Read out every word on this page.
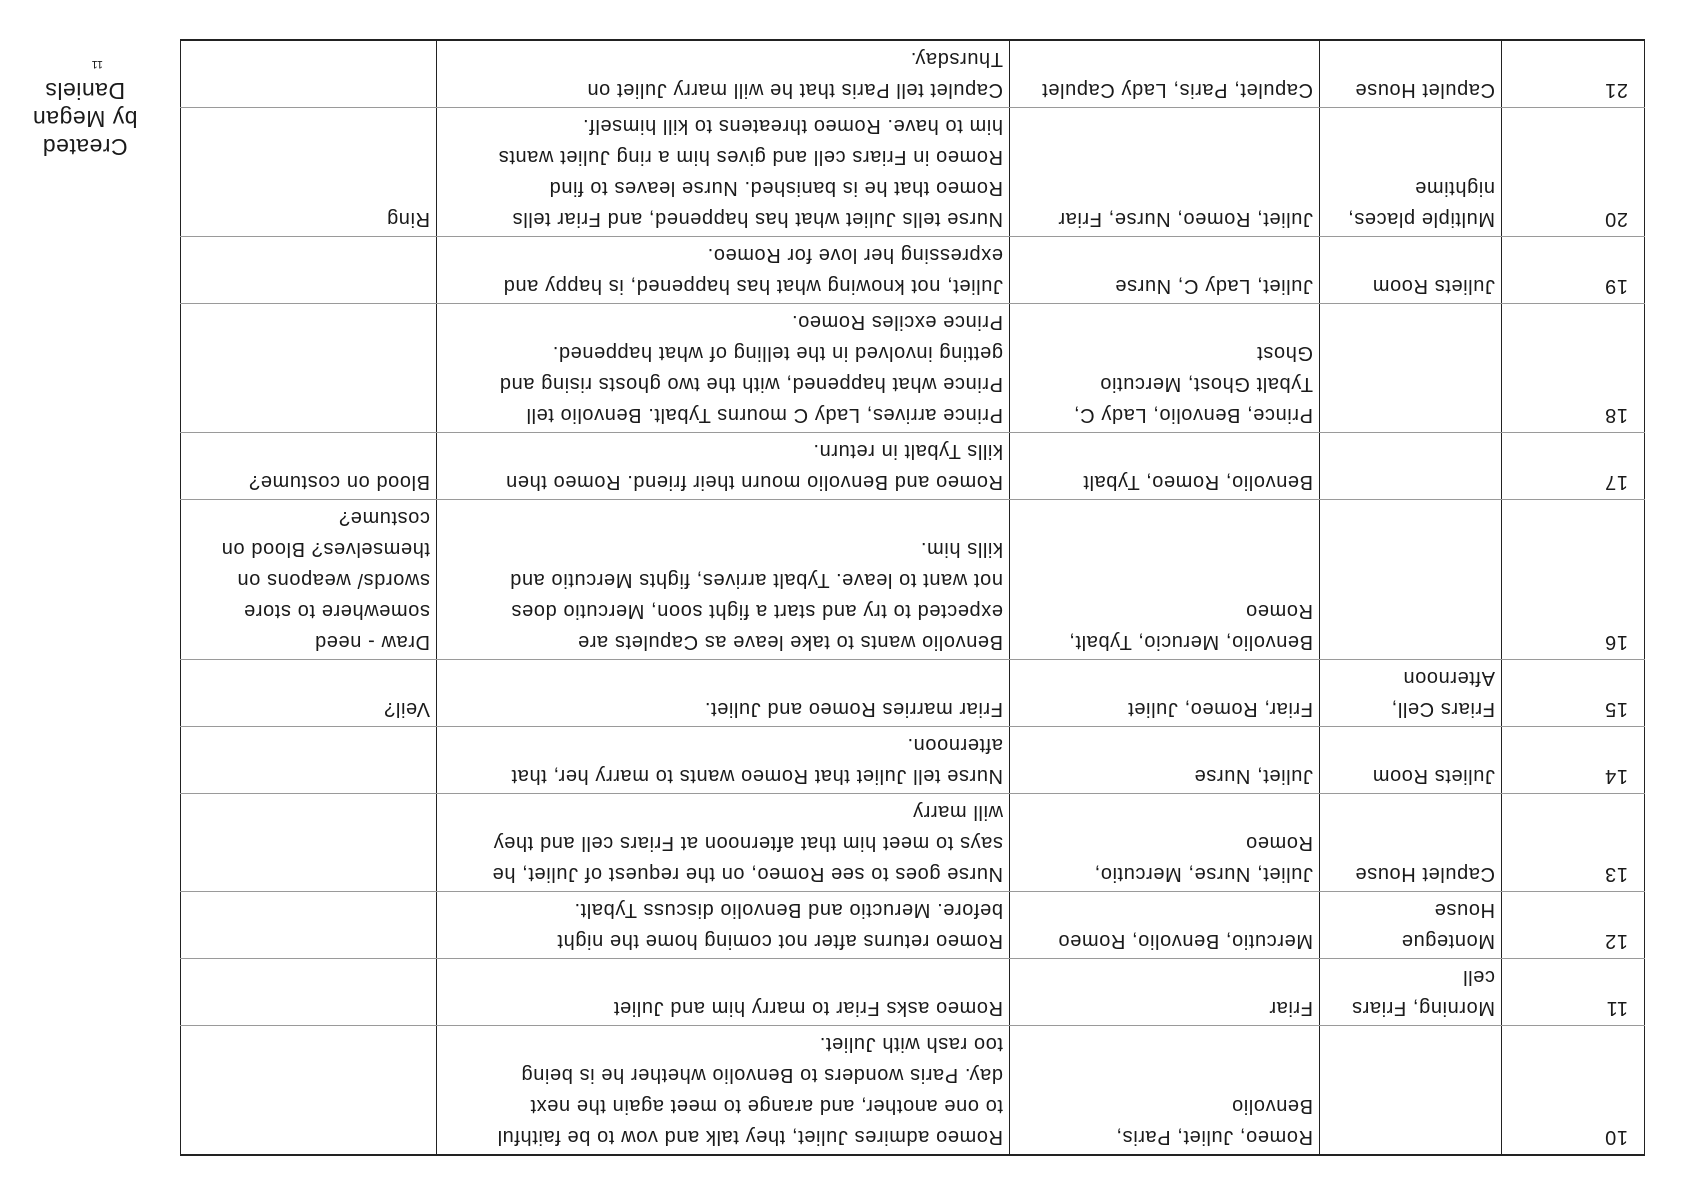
Created
by Megan
Daniels
11
10		Romeo, Juliet, Paris,
Benvolio	Romeo admires Juliet, they talk and vow to be faithful
to one another, and arange to meet again the next
day. Paris wonders to Benvolio whether he is being
too rash with Juliet.	
11	Morning, Friars
cell	Friar	Romeo asks Friar to marry him and Juliet	
12	Montegue
House	Mercutio, Benvolio, Romeo	Romeo returns after not coming home the night
before. Meructio and Benvolio discuss Tybalt.	
13	Capulet House	Juliet, Nurse, Mercutio,
Romeo	Nurse goes to see Romeo, on the request of Juliet, he
says to meet him that afternoon at Friars cell and they
will marry	
14	Juliets Room	Juliet, Nurse	Nurse tell Juliet that Romeo wants to marry her, that
afternoon.	
15	Friars Cell,
Afternoon	Friar, Romeo, Juliet	Friar marries Romeo and Juliet.	Veil?
16		Benvolio, Merucio, Tybalt,
Romeo	Benvolio wants to take leave as Capulets are
expected to try and start a fight soon, Mercutio does
not want to leave. Tybalt arrives, fights Mercutio and
kills him.	Draw - need
somewhere to store
swords/ weapons on
themselves? Blood on
costume?
17		Benvolio, Romeo, Tybalt	Romeo and Benvolio mourn their friend. Romeo then
kills Tybalt in return.	Blood on costume?
18		Prince, Benvolio, Lady C,
Tybalt Ghost, Mercutio
Ghost	Prince arrives, Lady C mourns Tybalt. Benvolio tell
Prince what happened, with the two ghosts rising and
getting involved in the telling of what happened.
Prince exciles Romeo.	
19	Juliets Room	Juliet, Lady C, Nurse	Juliet, not knowing what has happened, is happy and
expressing her love for Romeo.	
20	Multiple places,
nightime	Juliet, Romeo, Nurse, Friar	Nurse tells Juliet what has happened, and Friar tells
Romeo that he is banished. Nurse leaves to find
Romeo in Friars cell and gives him a ring Juliet wants
him to have. Romeo threatens to kill himself.	Ring
21	Capulet House	Capulet, Paris, Lady Capulet	Capulet tell Paris that he will marry Juliet on
Thursday.	
